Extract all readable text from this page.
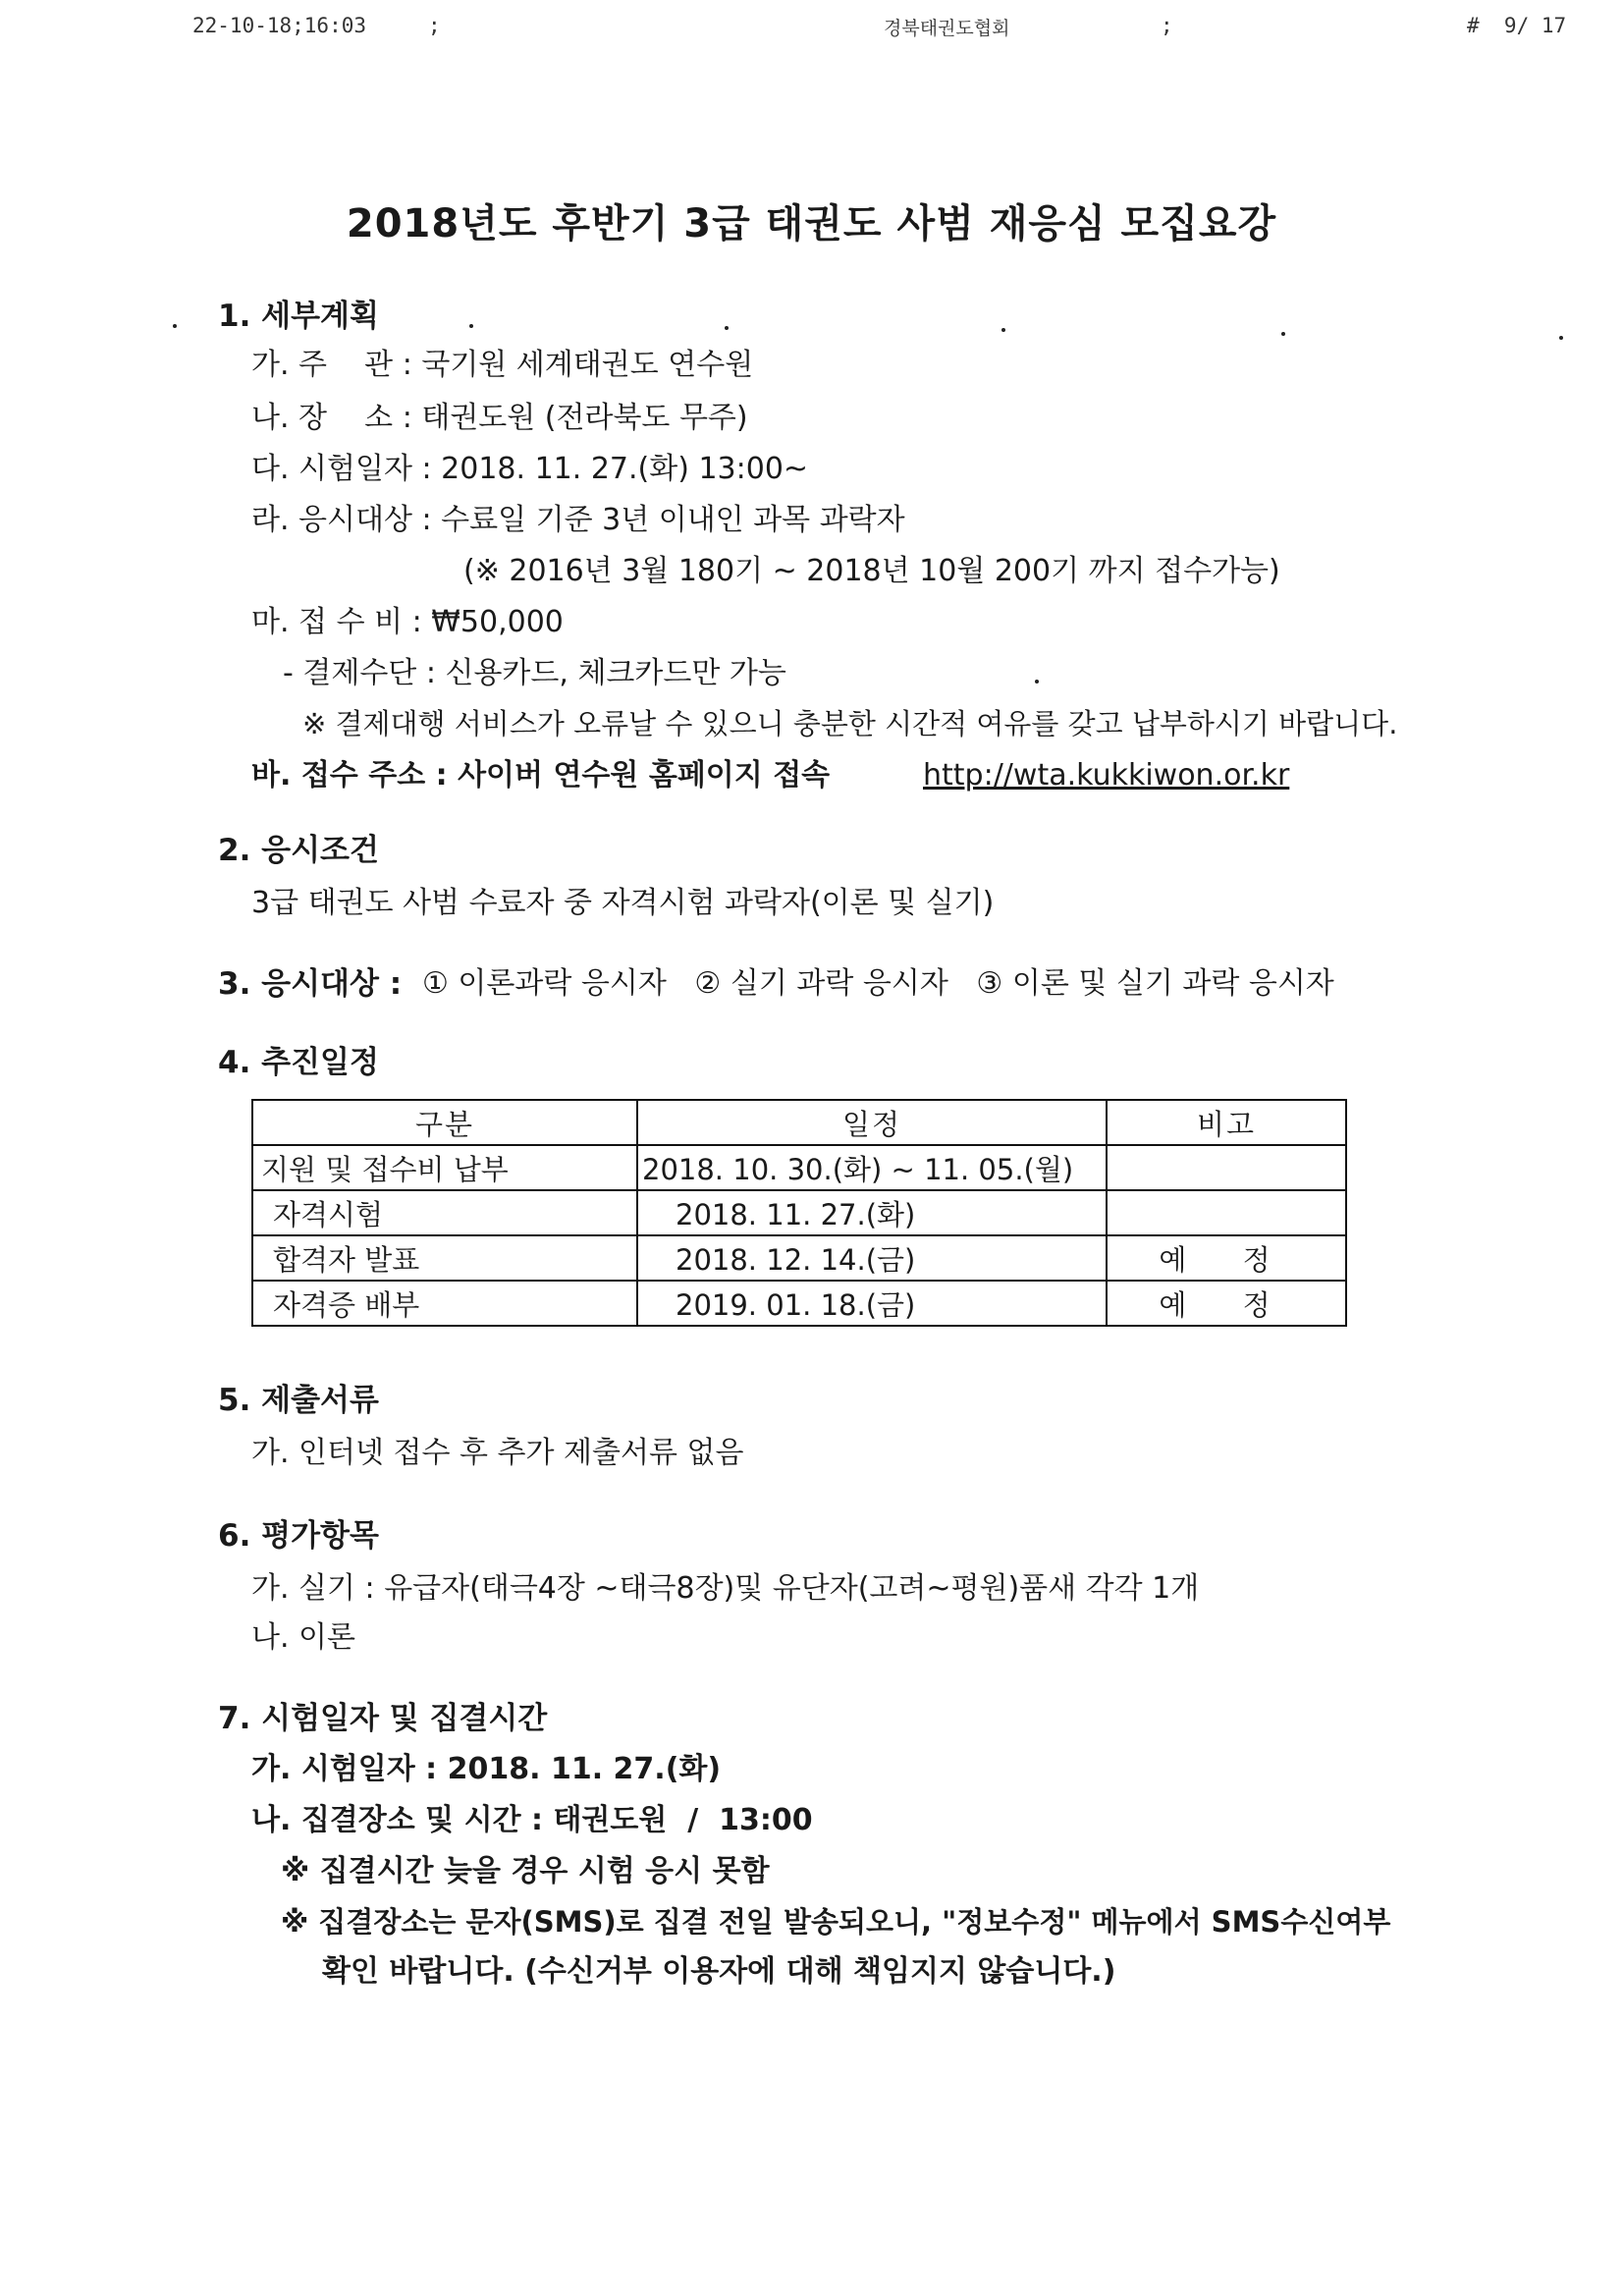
22-10-18;16:03	;	경북태권도협회	;	#  9/ 17
2018년도 후반기 3급 태권도 사범 재응심 모집요강
1. 세부계획
가. 주    관 : 국기원 세계태권도 연수원
나. 장    소 : 태권도원 (전라북도 무주)
다. 시험일자 : 2018. 11. 27.(화) 13:00~
라. 응시대상 : 수료일 기준 3년 이내인 과목 과락자
(※ 2016년 3월 180기 ~ 2018년 10월 200기 까지 접수가능)
마. 접 수 비 : ₩50,000
- 결제수단 : 신용카드, 체크카드만 가능
※ 결제대행 서비스가 오류날 수 있으니 충분한 시간적 여유를 갖고 납부하시기 바랍니다.
바. 접수 주소 : 사이버 연수원 홈페이지 접속	http://wta.kukkiwon.or.kr
2. 응시조건
3급 태권도 사범 수료자 중 자격시험 과락자(이론 및 실기)
3. 응시대상 : ① 이론과락 응시자   ② 실기 과락 응시자   ③ 이론 및 실기 과락 응시자
4. 추진일정
구분	일정	비고
지원 및 접수비 납부	2018. 10. 30.(화) ~ 11. 05.(월)	
자격시험	2018. 11. 27.(화)	
합격자 발표	2018. 12. 14.(금)	예 정
자격증 배부	2019. 01. 18.(금)	예 정
5. 제출서류
가. 인터넷 접수 후 추가 제출서류 없음
6. 평가항목
가. 실기 : 유급자(태극4장 ~태극8장)및 유단자(고려~평원)품새 각각 1개
나. 이론
7. 시험일자 및 집결시간
가. 시험일자 : 2018. 11. 27.(화)
나. 집결장소 및 시간 : 태권도원  /  13:00
※ 집결시간 늦을 경우 시험 응시 못함
※ 집결장소는 문자(SMS)로 집결 전일 발송되오니, "정보수정" 메뉴에서 SMS수신여부
확인 바랍니다. (수신거부 이용자에 대해 책임지지 않습니다.)
